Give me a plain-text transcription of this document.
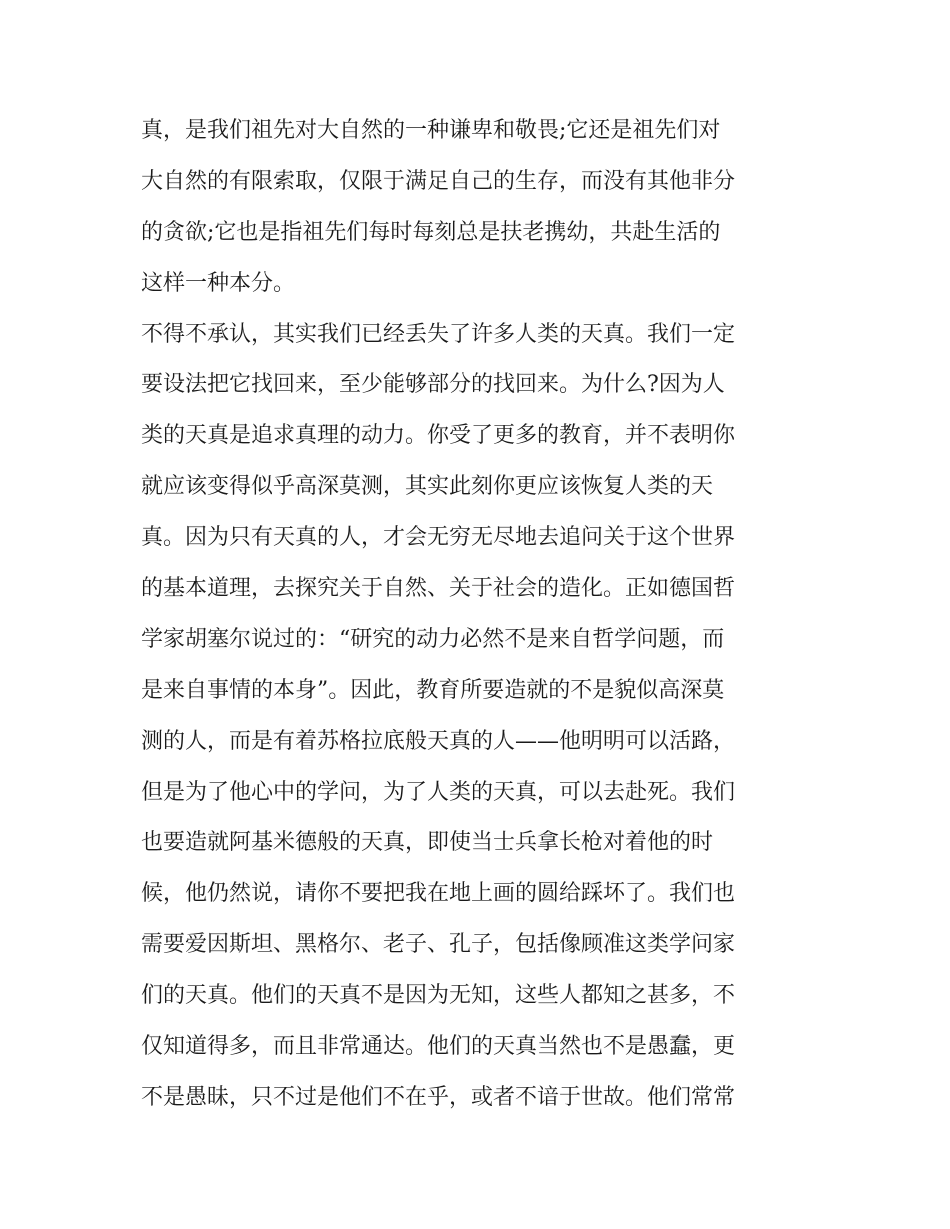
真，是我们祖先对大自然的一种谦卑和敬畏;它还是祖先们对
大自然的有限索取，仅限于满足自己的生存，而没有其他非分
的贪欲;它也是指祖先们每时每刻总是扶老携幼，共赴生活的
这样一种本分。
不得不承认，其实我们已经丢失了许多人类的天真。我们一定
要设法把它找回来，至少能够部分的找回来。为什么?因为人
类的天真是追求真理的动力。你受了更多的教育，并不表明你
就应该变得似乎高深莫测，其实此刻你更应该恢复人类的天
真。因为只有天真的人，才会无穷无尽地去追问关于这个世界
的基本道理，去探究关于自然、关于社会的造化。正如德国哲
学家胡塞尔说过的：“研究的动力必然不是来自哲学问题，而
是来自事情的本身”。因此，教育所要造就的不是貌似高深莫
测的人，而是有着苏格拉底般天真的人——他明明可以活路，
但是为了他心中的学问，为了人类的天真，可以去赴死。我们
也要造就阿基米德般的天真，即使当士兵拿长枪对着他的时
候，他仍然说，请你不要把我在地上画的圆给踩坏了。我们也
需要爱因斯坦、黑格尔、老子、孔子，包括像顾准这类学问家
们的天真。他们的天真不是因为无知，这些人都知之甚多，不
仅知道得多，而且非常通达。他们的天真当然也不是愚蠢，更
不是愚昧，只不过是他们不在乎，或者不谙于世故。他们常常
